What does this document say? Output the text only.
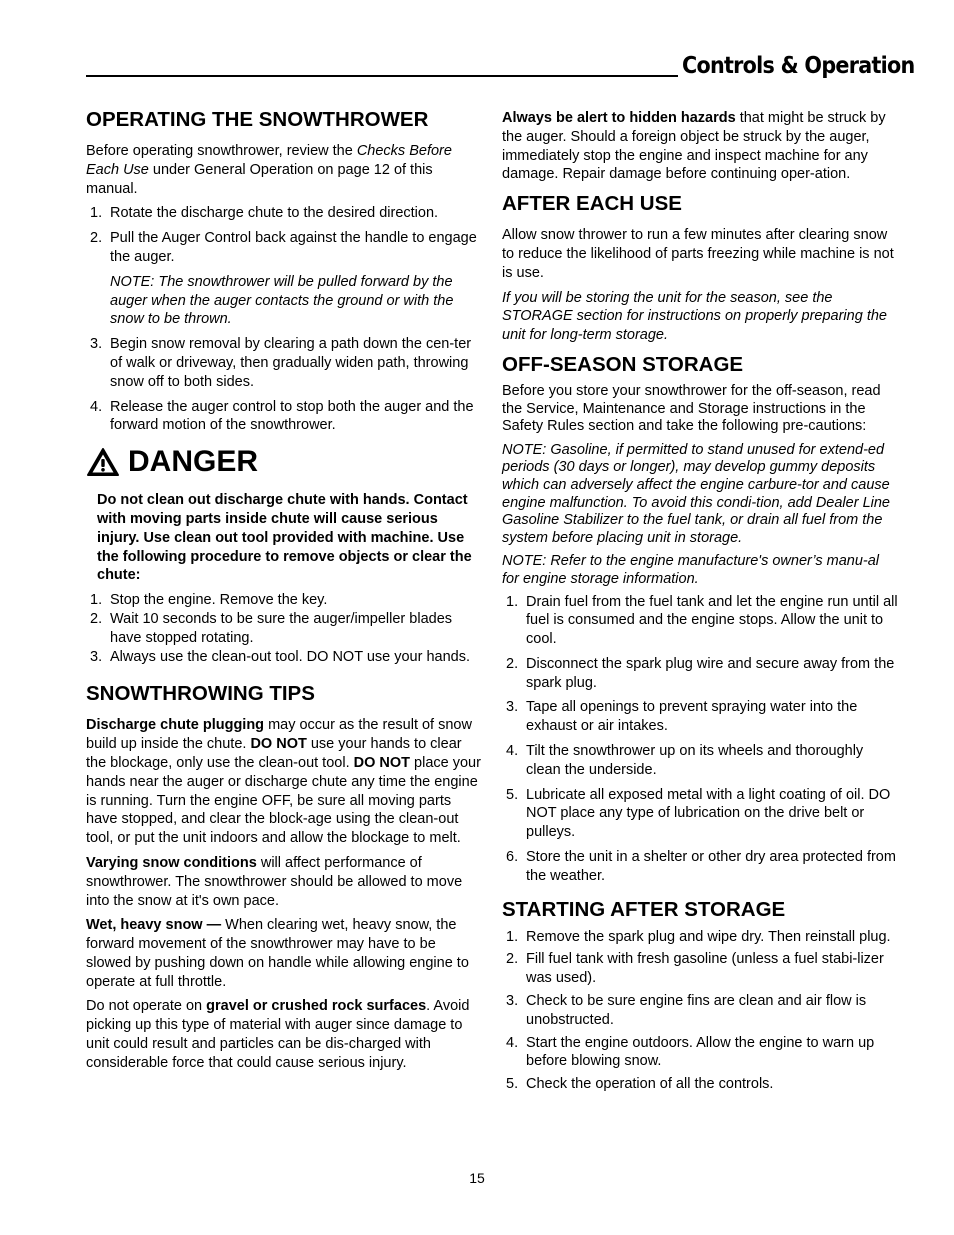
Controls & Operation
OPERATING THE SNOWTHROWER

Before operating snowthrower, review the Checks Before Each Use under General Operation on page 12 of this manual.

1. Rotate the discharge chute to the desired direction.
2. Pull the Auger Control back against the handle to engage the auger.

NOTE: The snowthrower will be pulled forward by the auger when the auger contacts the ground or with the snow to be thrown.

3. Begin snow removal by clearing a path down the cen-ter of walk or driveway, then gradually widen path, throwing snow off to both sides.
4. Release the auger control to stop both the auger and the forward motion of the snowthrower.
DANGER

Do not clean out discharge chute with hands. Contact with moving parts inside chute will cause serious injury. Use clean out tool provided with machine. Use the following procedure to remove objects or clear the chute:

1. Stop the engine. Remove the key.
2. Wait 10 seconds to be sure the auger/impeller blades have stopped rotating.
3. Always use the clean-out tool. DO NOT use your hands.
SNOWTHROWING TIPS

Discharge chute plugging may occur as the result of snow build up inside the chute. DO NOT use your hands to clear the blockage, only use the clean-out tool. DO NOT place your hands near the auger or discharge chute any time the engine is running. Turn the engine OFF, be sure all moving parts have stopped, and clear the block-age using the clean-out tool, or put the unit indoors and allow the blockage to melt.

Varying snow conditions will affect performance of snowthrower. The snowthrower should be allowed to move into the snow at it's own pace.

Wet, heavy snow — When clearing wet, heavy snow, the forward movement of the snowthrower may have to be slowed by pushing down on handle while allowing engine to operate at full throttle.

Do not operate on gravel or crushed rock surfaces. Avoid picking up this type of material with auger since damage to unit could result and particles can be dis-charged with considerable force that could cause serious injury.

Always be alert to hidden hazards that might be struck by the auger. Should a foreign object be struck by the auger, immediately stop the engine and inspect machine for any damage. Repair damage before continuing oper-ation.

AFTER EACH USE

Allow snow thrower to run a few minutes after clearing snow to reduce the likelihood of parts freezing while machine is not is use.

If you will be storing the unit for the season, see the STORAGE section for instructions on properly preparing the unit for long-term storage.

OFF-SEASON STORAGE

Before you store your snowthrower for the off-season, read the Service, Maintenance and Storage instructions in the Safety Rules section and take the following pre-cautions:

NOTE: Gasoline, if permitted to stand unused for extend-ed periods (30 days or longer), may develop gummy deposits which can adversely affect the engine carbure-tor and cause engine malfunction. To avoid this condi-tion, add Dealer Line Gasoline Stabilizer to the fuel tank, or drain all fuel from the system before placing unit in storage.

NOTE: Refer to the engine manufacture's owner’s manu-al for engine storage information.

1. Drain fuel from the fuel tank and let the engine run until all fuel is consumed and the engine stops. Allow the unit to cool.
2. Disconnect the spark plug wire and secure away from the spark plug.
3. Tape all openings to prevent spraying water into the exhaust or air intakes.
4. Tilt the snowthrower up on its wheels and thoroughly clean the underside.
5. Lubricate all exposed metal with a light coating of oil. DO NOT place any type of lubrication on the drive belt or pulleys.
6. Store the unit in a shelter or other dry area protected from the weather.
STARTING AFTER STORAGE
1. Remove the spark plug and wipe dry. Then reinstall plug.
2. Fill fuel tank with fresh gasoline (unless a fuel stabi-lizer was used).
3. Check to be sure engine fins are clean and air flow is unobstructed.
4. Start the engine outdoors. Allow the engine to warn up before blowing snow.
5. Check the operation of all the controls.
15
